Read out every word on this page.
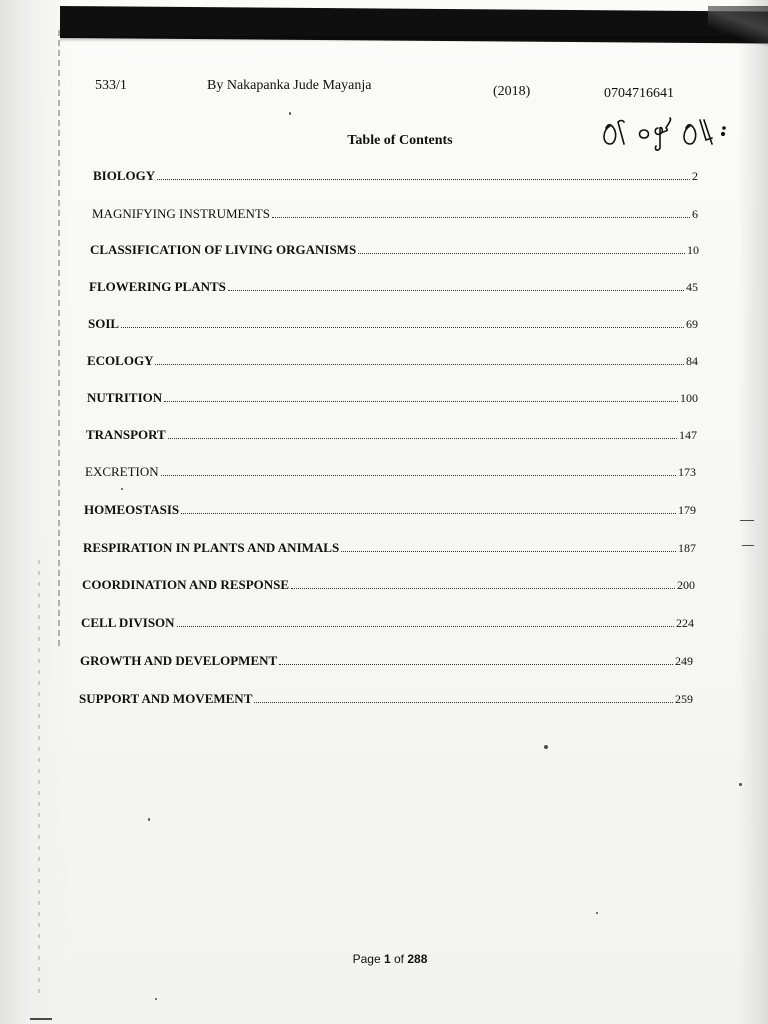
533/1	By Nakapanka Jude Mayanja	(2018)	0704716641
Table of Contents
BIOLOGY	2
MAGNIFYING INSTRUMENTS	6
CLASSIFICATION OF LIVING ORGANISMS	10
FLOWERING PLANTS	45
SOIL	69
ECOLOGY	84
NUTRITION	100
TRANSPORT	147
EXCRETION	173
HOMEOSTASIS	179
RESPIRATION IN PLANTS AND ANIMALS	187
COORDINATION AND RESPONSE	200
CELL DIVISON	224
GROWTH AND DEVELOPMENT	249
SUPPORT AND MOVEMENT	259
Page 1 of 288
